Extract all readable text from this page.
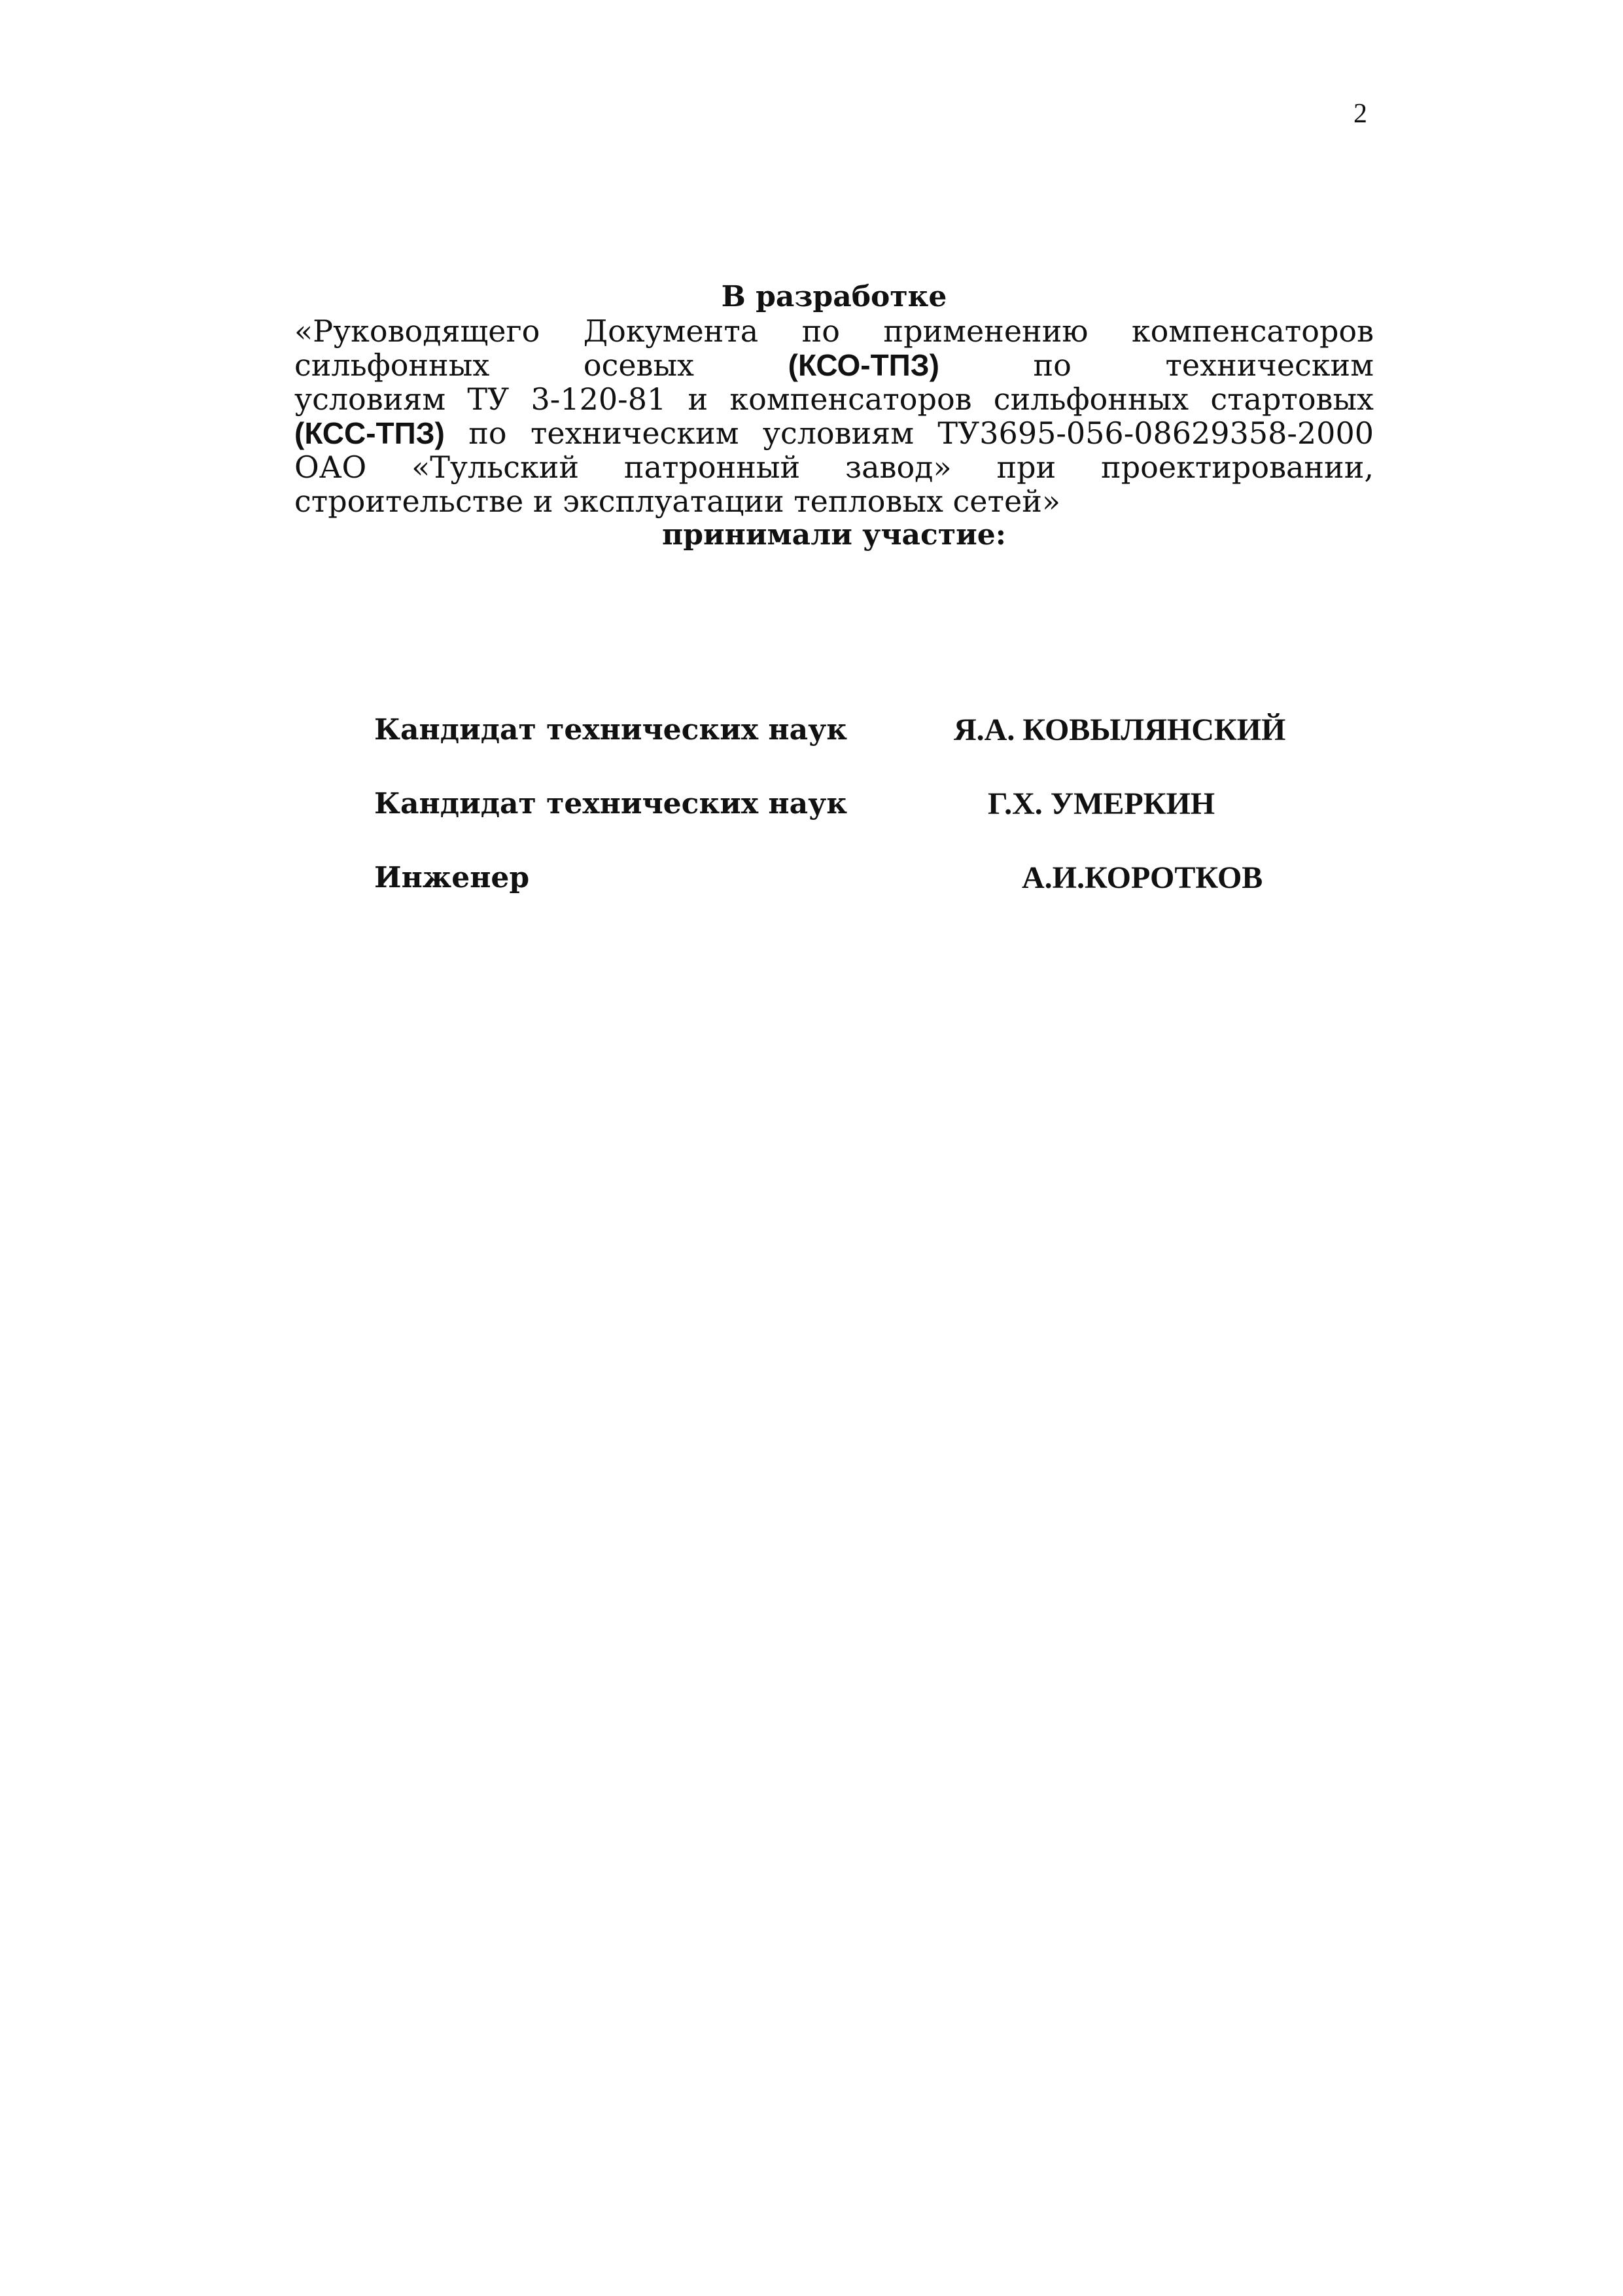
2

В разработке

«Руководящего Документа по применению компенсаторов
сильфонных осевых (КСО-ТПЗ) по техническим
условиям ТУ 3-120-81 и компенсаторов сильфонных стартовых
(КСС-ТПЗ) по техническим условиям ТУ3695-056-08629358-2000
ОАО «Тульский патронный завод» при проектировании,
строительстве и эксплуатации тепловых сетей»

принимали участие:

Кандидат технических наук	Я.А. КОВЫЛЯНСКИЙ
Кандидат технических наук	Г.Х. УМЕРКИН
Инженер	А.И.КОРОТКОВ
